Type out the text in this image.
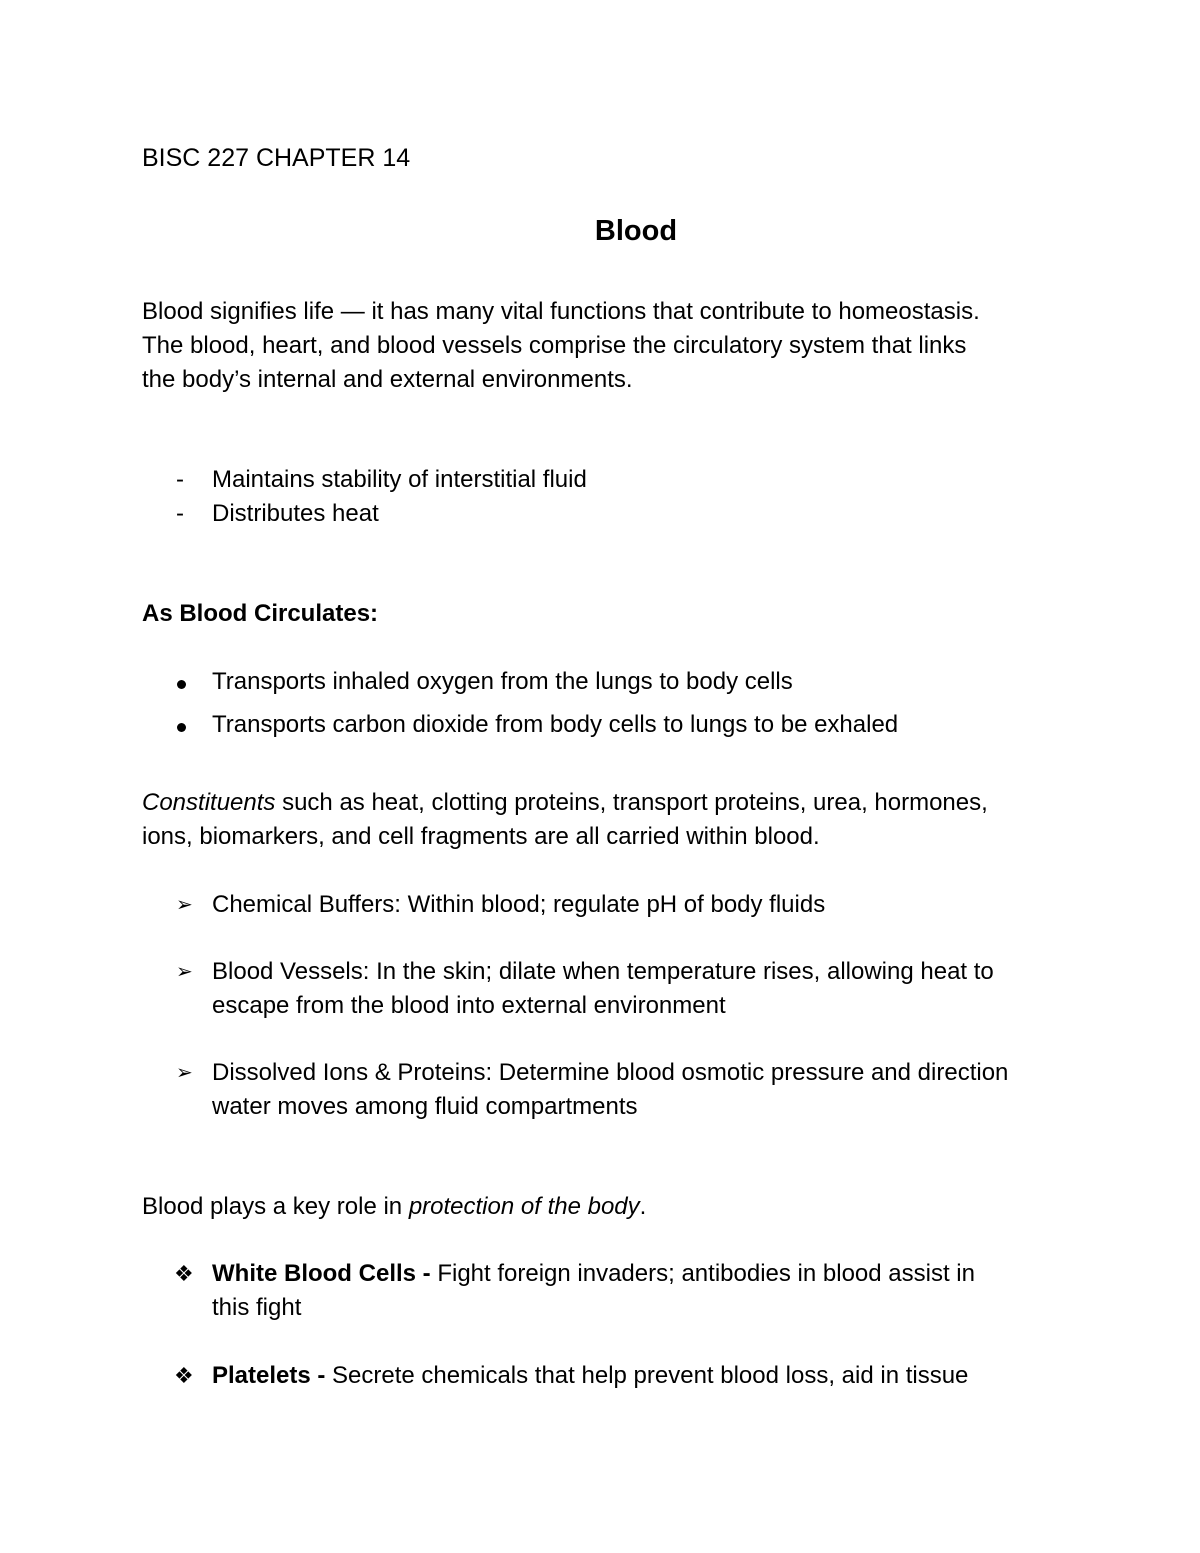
BISC 227 CHAPTER 14
Blood
Blood signifies life — it has many vital functions that contribute to homeostasis.
The blood, heart, and blood vessels comprise the circulatory system that links
the body’s internal and external environments.
- Maintains stability of interstitial fluid
- Distributes heat
As Blood Circulates:
Transports inhaled oxygen from the lungs to body cells
Transports carbon dioxide from body cells to lungs to be exhaled
Constituents such as heat, clotting proteins, transport proteins, urea, hormones,
ions, biomarkers, and cell fragments are all carried within blood.
➢ Chemical Buffers: Within blood; regulate pH of body fluids
➢ Blood Vessels: In the skin; dilate when temperature rises, allowing heat to
escape from the blood into external environment
➢ Dissolved Ions & Proteins: Determine blood osmotic pressure and direction
water moves among fluid compartments
Blood plays a key role in protection of the body.
❖ White Blood Cells - Fight foreign invaders; antibodies in blood assist in
this fight
❖ Platelets - Secrete chemicals that help prevent blood loss, aid in tissue
